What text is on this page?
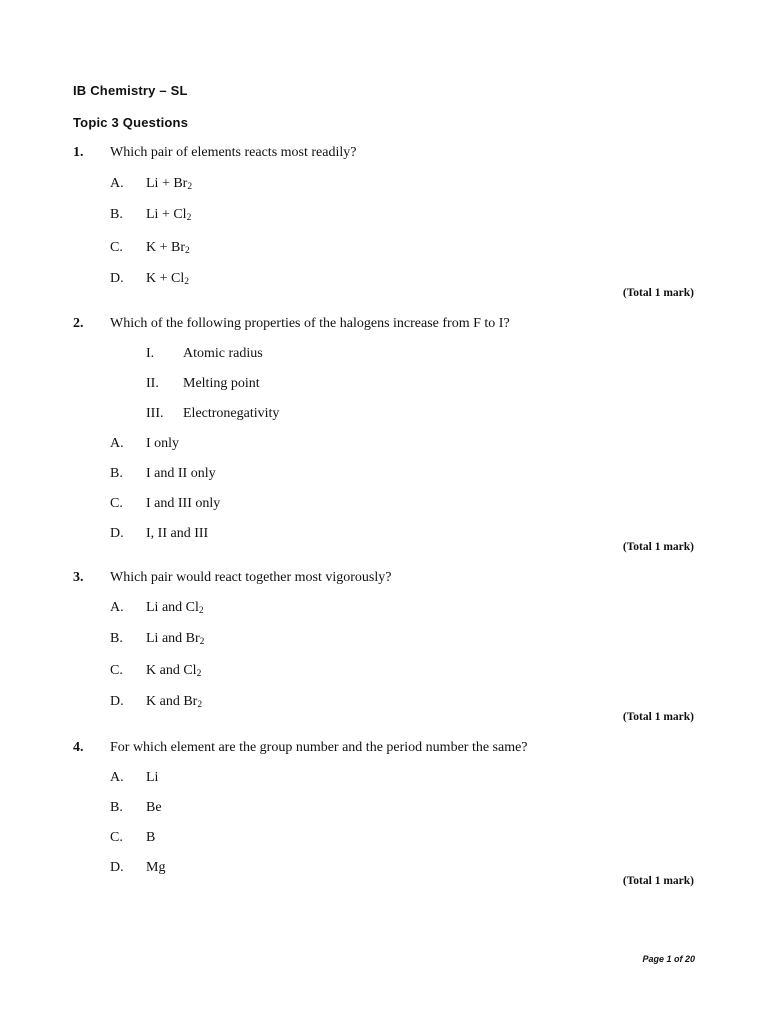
IB Chemistry – SL
Topic 3 Questions
1. Which pair of elements reacts most readily?
A. $Li + Br_2$
B. $Li + Cl_2$
C. $K + Br_2$
D. $K + Cl_2$
(Total 1 mark)
2. Which of the following properties of the halogens increase from F to I?
I. Atomic radius
II. Melting point
III. Electronegativity
A. I only
B. I and II only
C. I and III only
D. I, II and III
(Total 1 mark)
3. Which pair would react together most vigorously?
A. Li and $Cl_2$
B. Li and $Br_2$
C. K and $Cl_2$
D. K and $Br_2$
(Total 1 mark)
4. For which element are the group number and the period number the same?
A. Li
B. Be
C. B
D. Mg
(Total 1 mark)
Page 1 of 20
